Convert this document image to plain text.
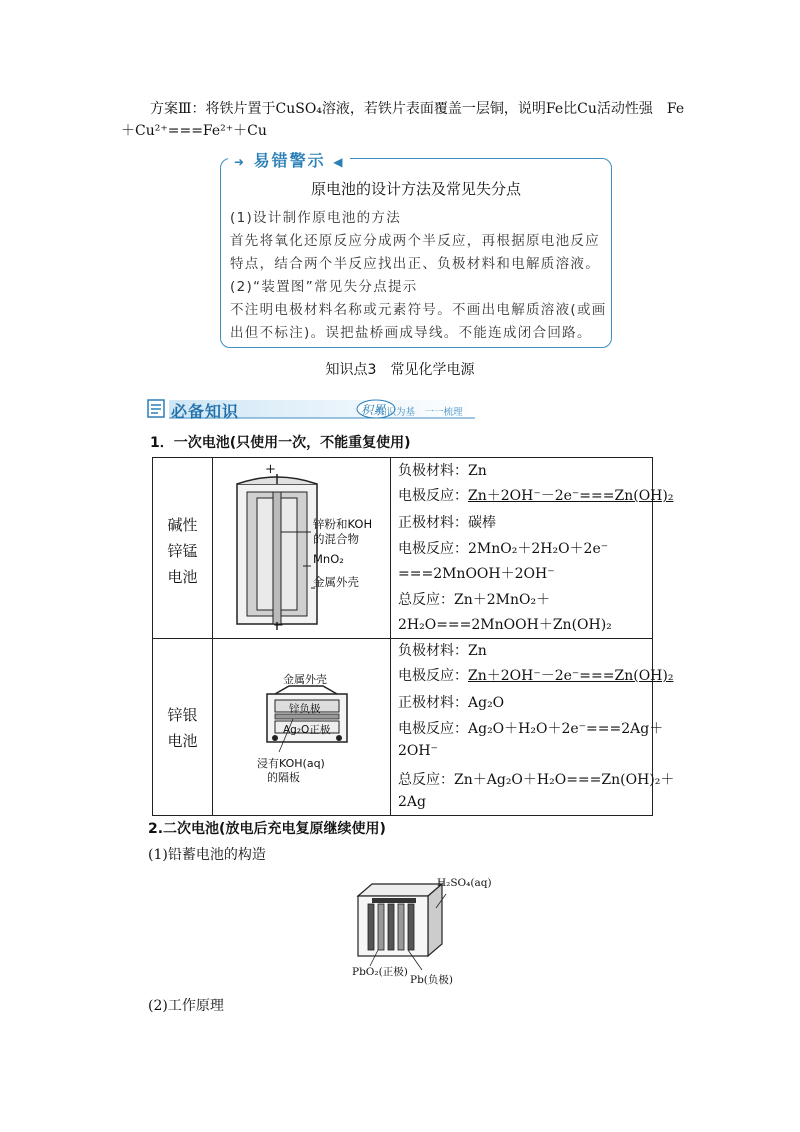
方案Ⅲ：将铁片置于CuSO₄溶液，若铁片表面覆盖一层铜，说明Fe比Cu活动性强　Fe
＋Cu²⁺===Fe²⁺＋Cu
➜ 易错警示 ◀
原电池的设计方法及常见失分点
(1)设计制作原电池的方法
首先将氧化还原反应分成两个半反应，再根据原电池反应
特点，结合两个半反应找出正、负极材料和电解质溶液。
(2)“装置图”常见失分点提示
不注明电极材料名称或元素符号。不画出电解质溶液(或画
出但不标注)。误把盐桥画成导线。不能连成闭合回路。
知识点3　常见化学电源
必备知识	积累
知识为基　一一梳理
1．一次电池(只使用一次，不能重复使用)
碱性
锌锰
电池
+
锌粉和KOH
的混合物
MnO₂
金属外壳
−
负极材料：Zn
电极反应：Zn＋2OH⁻－2e⁻===Zn(OH)₂
正极材料：碳棒
电极反应：2MnO₂＋2H₂O＋2e⁻
===2MnOOH＋2OH⁻
总反应：Zn＋2MnO₂＋
2H₂O===2MnOOH＋Zn(OH)₂
锌银
电池
金属外壳
锌负极
Ag₂O正极
浸有KOH(aq)
的隔板
负极材料：Zn
电极反应：Zn＋2OH⁻－2e⁻===Zn(OH)₂
正极材料：Ag₂O
电极反应：Ag₂O＋H₂O＋2e⁻===2Ag＋
2OH⁻
总反应：Zn＋Ag₂O＋H₂O===Zn(OH)₂＋
2Ag
2.二次电池(放电后充电复原继续使用)
(1)铅蓄电池的构造
H₂SO₄(aq)
PbO₂(正极)
Pb(负极)
(2)工作原理
